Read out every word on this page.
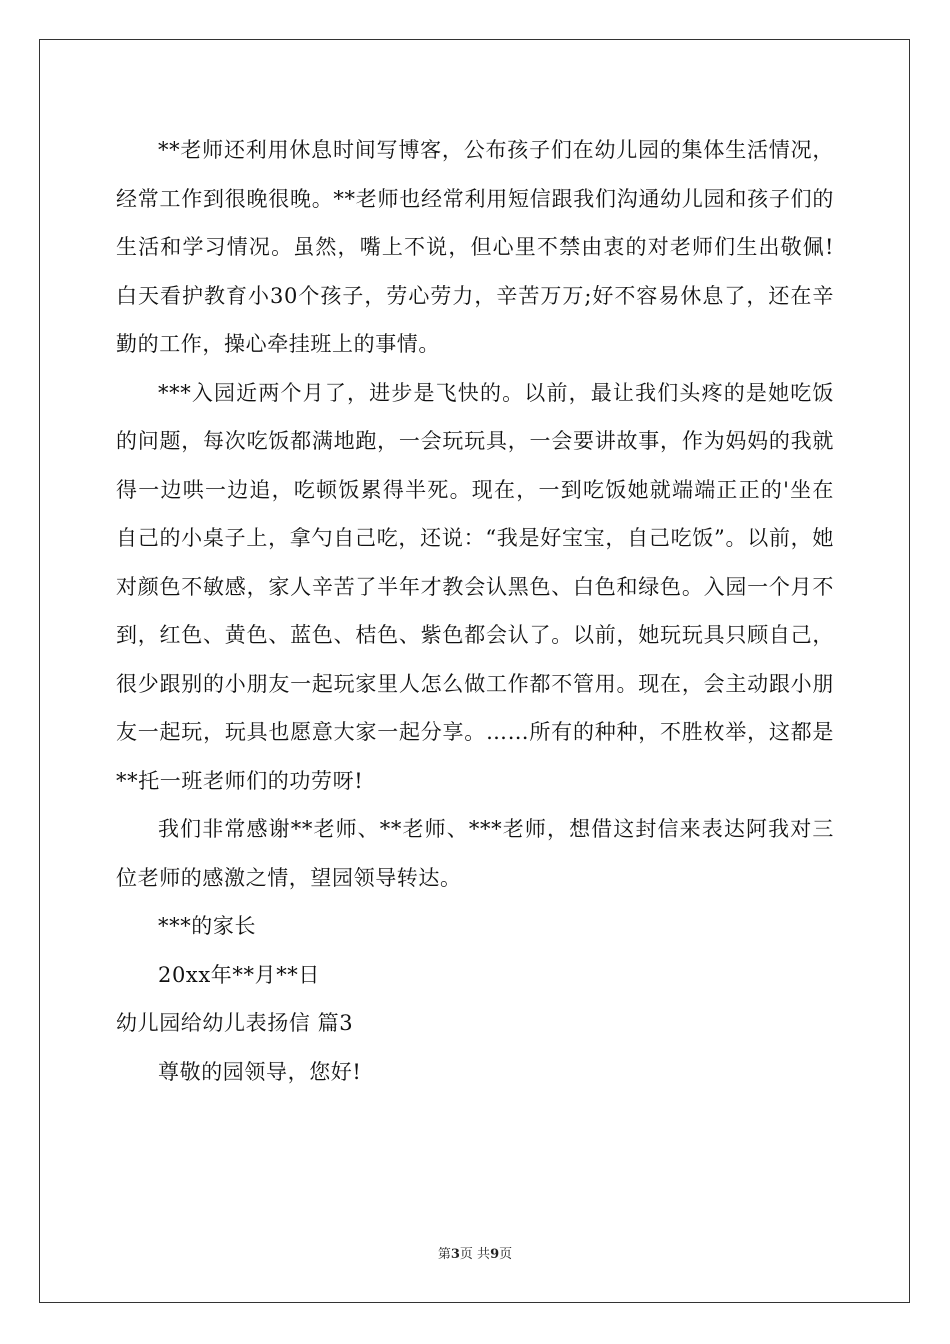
**老师还利用休息时间写博客，公布孩子们在幼儿园的集体生活情况，经常工作到很晚很晚。**老师也经常利用短信跟我们沟通幼儿园和孩子们的生活和学习情况。虽然，嘴上不说，但心里不禁由衷的对老师们生出敬佩!白天看护教育小30个孩子，劳心劳力，辛苦万万;好不容易休息了，还在辛勤的工作，操心牵挂班上的事情。

***入园近两个月了，进步是飞快的。以前，最让我们头疼的是她吃饭的问题，每次吃饭都满地跑，一会玩玩具，一会要讲故事，作为妈妈的我就得一边哄一边追，吃顿饭累得半死。现在，一到吃饭她就端端正正的'坐在自己的小桌子上，拿勺自己吃，还说：“我是好宝宝，自己吃饭”。以前，她对颜色不敏感，家人辛苦了半年才教会认黑色、白色和绿色。入园一个月不到，红色、黄色、蓝色、桔色、紫色都会认了。以前，她玩玩具只顾自己，很少跟别的小朋友一起玩家里人怎么做工作都不管用。现在，会主动跟小朋友一起玩，玩具也愿意大家一起分享。……所有的种种，不胜枚举，这都是**托一班老师们的功劳呀!

我们非常感谢**老师、**老师、***老师，想借这封信来表达阿我对三位老师的感激之情，望园领导转达。

***的家长

20xx年**月**日

幼儿园给幼儿表扬信 篇3

尊敬的园领导，您好!

第3页 共9页
